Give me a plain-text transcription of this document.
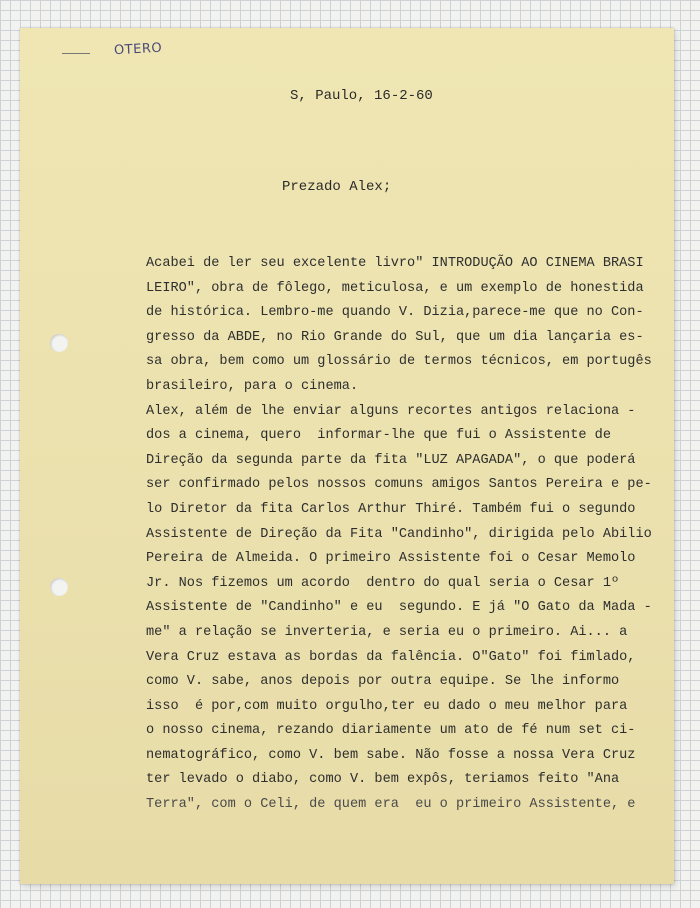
OTERO
S, Paulo, 16-2-60
Prezado Alex;

Acabei de ler seu excelente livro" INTRODUÇÃO AO CINEMA BRASI

LEIRO", obra de fôlego, meticulosa, e um exemplo de honestida

de histórica. Lembro-me quando V. Dizia,parece-me que no Con-

gresso da ABDE, no Rio Grande do Sul, que um dia lançaria es-

sa obra, bem como um glossário de termos técnicos, em portugês

brasileiro, para o cinema.

Alex, além de lhe enviar alguns recortes antigos relaciona -

dos a cinema, quero  informar-lhe que fui o Assistente de

Direção da segunda parte da fita "LUZ APAGADA", o que poderá

ser confirmado pelos nossos comuns amigos Santos Pereira e pe-

lo Diretor da fita Carlos Arthur Thiré. Também fui o segundo

Assistente de Direção da Fita "Candinho", dirigida pelo Abilio

Pereira de Almeida. O primeiro Assistente foi o Cesar Memolo

Jr. Nos fizemos um acordo  dentro do qual seria o Cesar 1º

Assistente de "Candinho" e eu  segundo. E já "O Gato da Mada -

me" a relação se inverteria, e seria eu o primeiro. Ai... a

Vera Cruz estava as bordas da falência. O"Gato" foi fimlado,

como V. sabe, anos depois por outra equipe. Se lhe informo

isso  é por,com muito orgulho,ter eu dado o meu melhor para

o nosso cinema, rezando diariamente um ato de fé num set ci-

nematográfico, como V. bem sabe. Não fosse a nossa Vera Cruz

ter levado o diabo, como V. bem expôs, teriamos feito "Ana

Terra", com o Celi, de quem era  eu o primeiro Assistente, e
